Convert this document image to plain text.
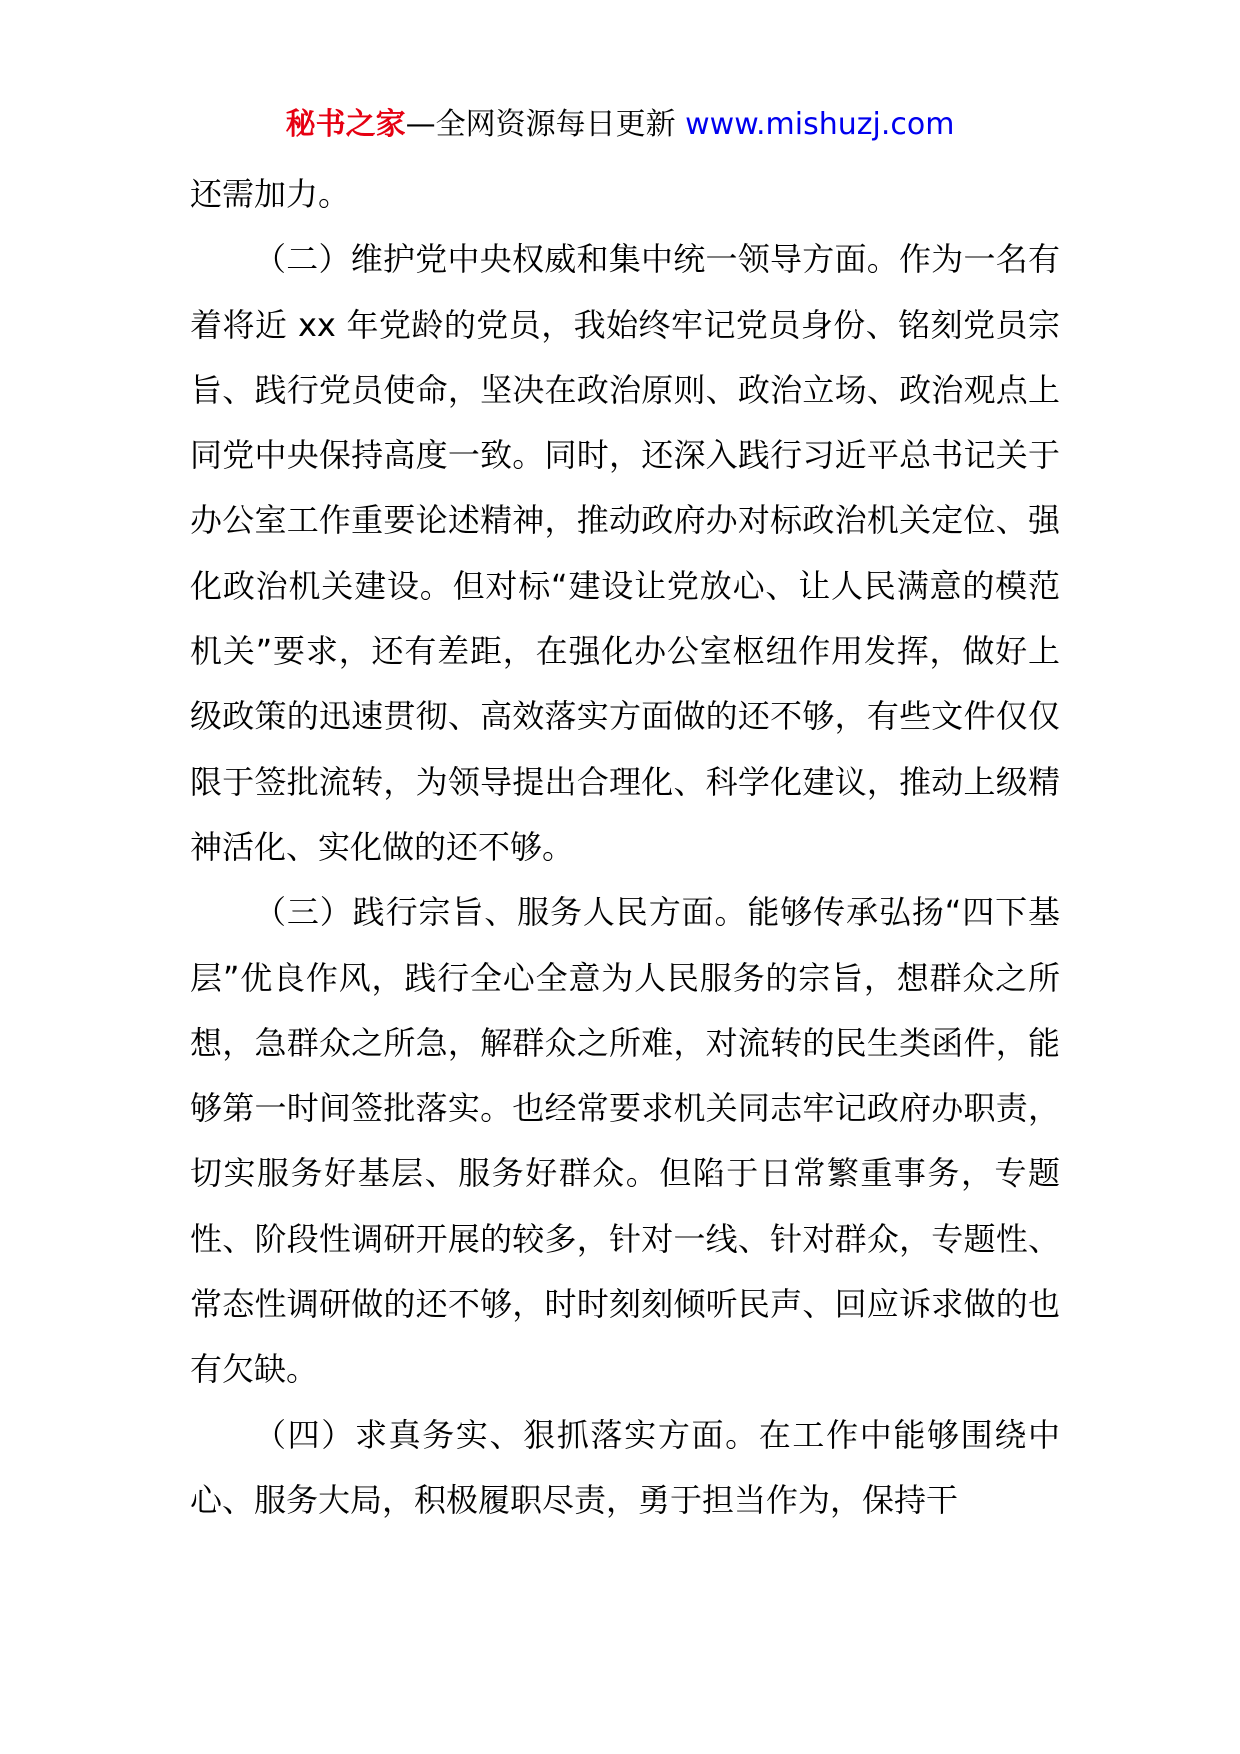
秘书之家—全网资源每日更新 www.mishuzj.com

还需加力。

（二）维护党中央权威和集中统一领导方面。作为一名有着将近 xx 年党龄的党员，我始终牢记党员身份、铭刻党员宗旨、践行党员使命，坚决在政治原则、政治立场、政治观点上同党中央保持高度一致。同时，还深入践行习近平总书记关于办公室工作重要论述精神，推动政府办对标政治机关定位、强化政治机关建设。但对标“建设让党放心、让人民满意的模范机关”要求，还有差距，在强化办公室枢纽作用发挥，做好上级政策的迅速贯彻、高效落实方面做的还不够，有些文件仅仅限于签批流转，为领导提出合理化、科学化建议，推动上级精神活化、实化做的还不够。

（三）践行宗旨、服务人民方面。能够传承弘扬“四下基层”优良作风，践行全心全意为人民服务的宗旨，想群众之所想，急群众之所急，解群众之所难，对流转的民生类函件，能够第一时间签批落实。也经常要求机关同志牢记政府办职责，切实服务好基层、服务好群众。但陷于日常繁重事务，专题性、阶段性调研开展的较多，针对一线、针对群众，专题性、常态性调研做的还不够，时时刻刻倾听民声、回应诉求做的也有欠缺。

（四）求真务实、狠抓落实方面。在工作中能够围绕中心、服务大局，积极履职尽责，勇于担当作为，保持干
